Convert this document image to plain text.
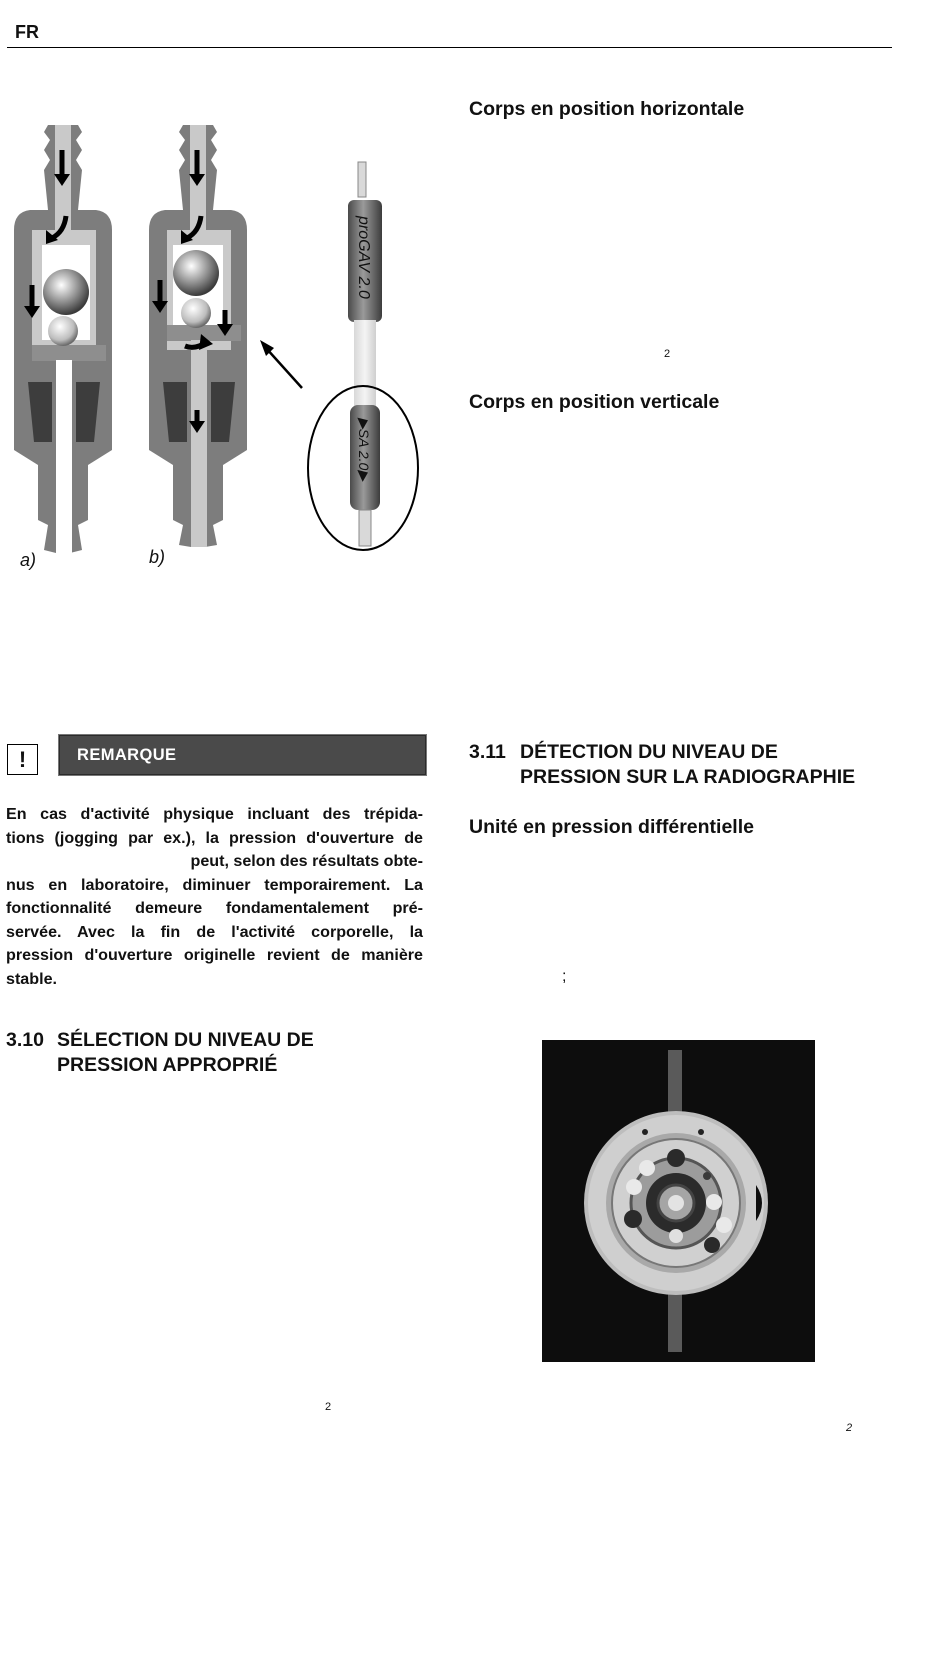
FR
proGAV 2.0
▶SA 2.0▶
a)	b)
Corps en position horizontale
2
Corps en position verticale
!	REMARQUE
En cas d'activité physique incluant des trépida-
tions (jogging par ex.), la pression d'ouverture de
peut, selon des résultats obte-
nus en laboratoire, diminuer temporairement. La
fonctionnalité demeure fondamentalement pré-
servée. Avec la fin de l'activité corporelle, la
pression d'ouverture originelle revient de manière
stable.
3.10 SÉLECTION DU NIVEAU DE
PRESSION APPROPRIÉ
2
3.11 DÉTECTION DU NIVEAU DE
PRESSION SUR LA RADIOGRAPHIE
Unité en pression différentielle
;
2
